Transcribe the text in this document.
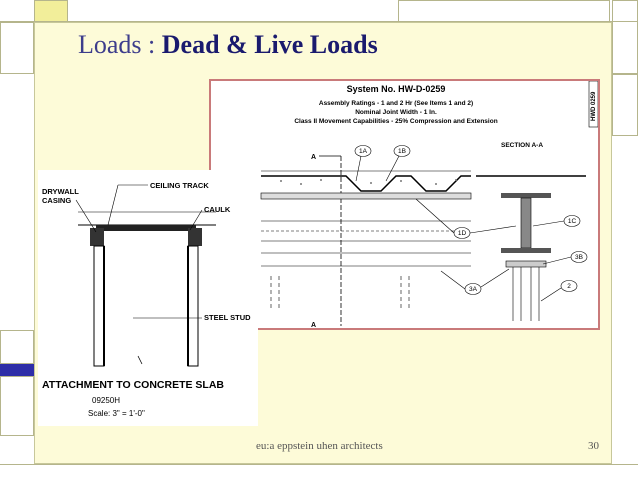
Loads : Dead & Live Loads
System No. HW-D-0259
Assembly Ratings - 1 and 2 Hr (See Items 1 and 2)
Nominal Joint Width - 1 In.
Class II Movement Capabilities - 25% Compression and Extension
HWD 0259
SECTION A-A
A
A
1A	1B
1D
1C
3B
3A	2
DRYWALL
CASING
CEILING TRACK
CAULK
STEEL STUD
ATTACHMENT TO CONCRETE SLAB
09250H
Scale: 3" = 1'-0"
eu:a eppstein uhen architects	30
